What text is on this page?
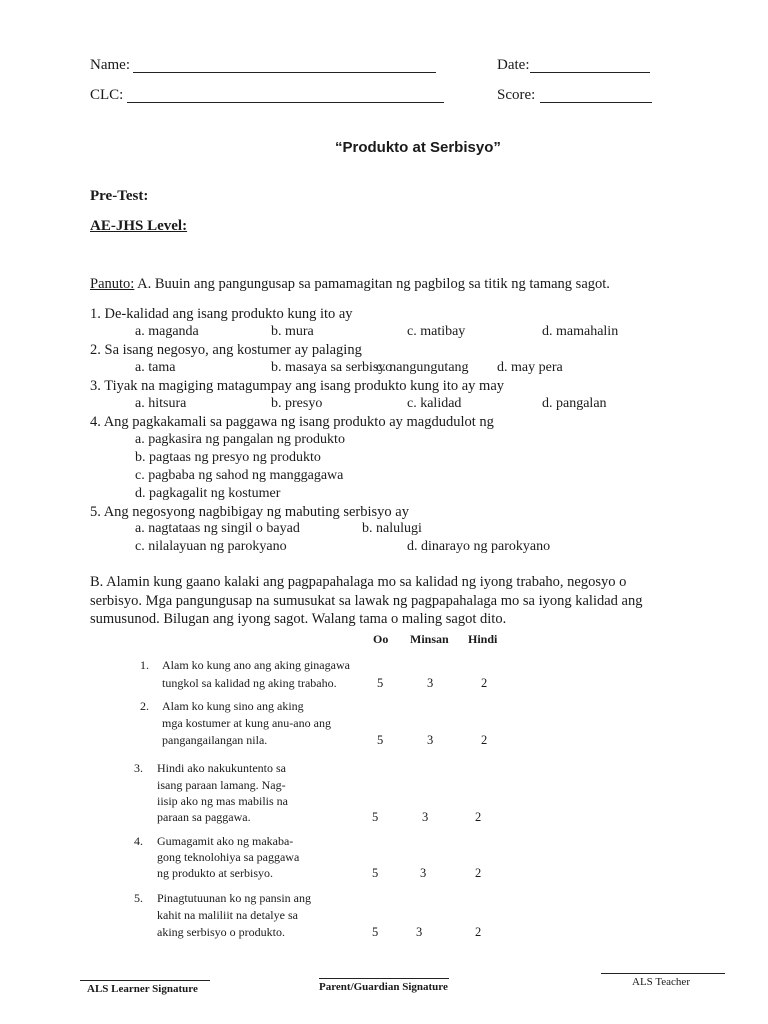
Name:	Date:
CLC:	Score:
“Produkto at Serbisyo”
Pre-Test:
AE-JHS Level:
Panuto: A. Buuin ang pangungusap sa pamamagitan ng pagbilog sa titik ng tamang sagot.
1. De-kalidad ang isang produkto kung ito ay
a. maganda	b. mura	c. matibay	d. mamahalin
2. Sa isang negosyo, ang kostumer ay palaging
a. tama	b. masaya sa serbisyo
c. nangungutang d. may pera
3. Tiyak na magiging matagumpay ang isang produkto kung ito ay may
a. hitsura	b. presyo	c. kalidad	d. pangalan
4. Ang pagkakamali sa paggawa ng isang produkto ay magdudulot ng
a. pagkasira ng pangalan ng produkto
b. pagtaas ng presyo ng produkto
c. pagbaba ng sahod ng manggagawa
d. pagkagalit ng kostumer
5. Ang negosyong nagbibigay ng mabuting serbisyo ay
a. nagtataas ng singil o bayad	b. nalulugi
c. nilalayuan ng parokyano	d. dinarayo ng parokyano
B. Alamin kung gaano kalaki ang pagpapahalaga mo sa kalidad ng iyong trabaho, negosyo o
serbisyo. Mga pangungusap na sumusukat sa lawak ng pagpapahalaga mo sa iyong kalidad ang
sumusunod. Bilugan ang iyong sagot. Walang tama o maling sagot dito.
Oo Minsan Hindi
1. Alam ko kung ano ang aking ginagawa
tungkol sa kalidad ng aking trabaho.	5	3	2
2. Alam ko kung sino ang aking
mga kostumer at kung anu-ano ang
pangangailangan nila.	5	3	2
3. Hindi ako nakukuntento sa
isang paraan lamang. Nag-
iisip ako ng mas mabilis na
paraan sa paggawa.	5	3	2
4. Gumagamit ako ng makaba-
gong teknolohiya sa paggawa
ng produkto at serbisyo.	5	3	2
5. Pinagtutuunan ko ng pansin ang
kahit na maliliit na detalye sa
aking serbisyo o produkto.	5	3	2
ALS Learner Signature	Parent/Guardian Signature	ALS Teacher
